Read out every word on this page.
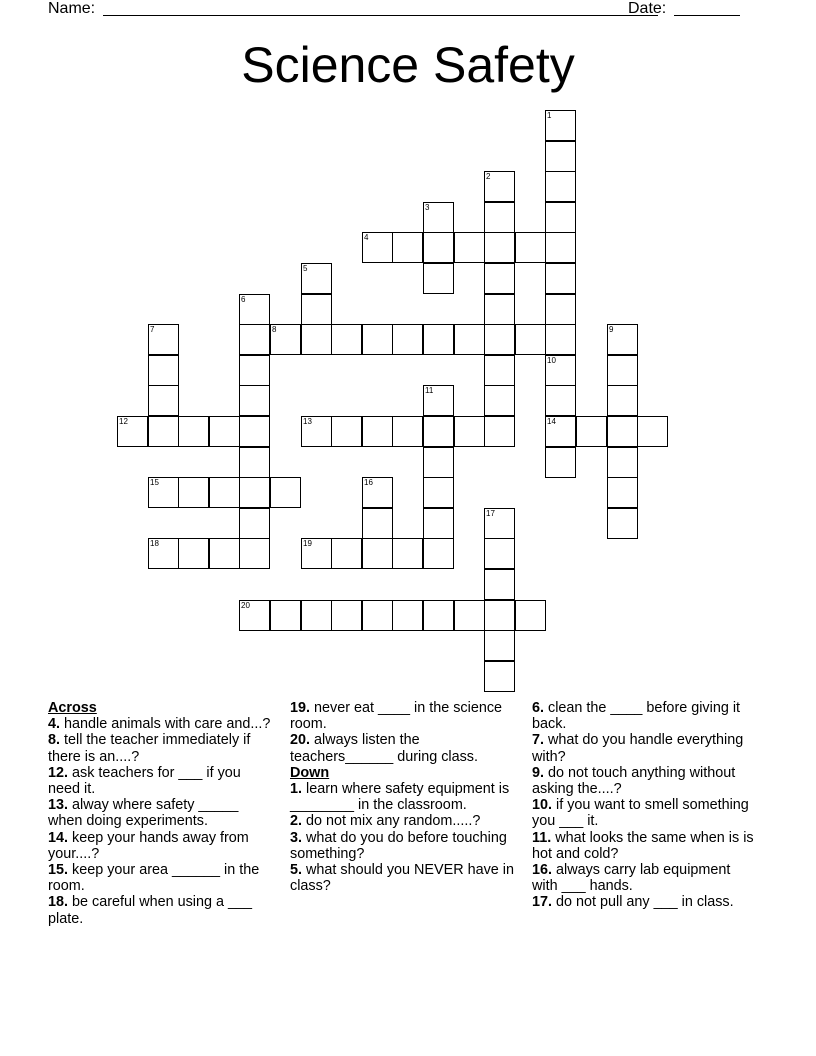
Name:	Date:
Science Safety
1
2
3
4
5
6
7	8	9
10
14
11
12	13
15	16
17
18	19
20
Across
4. handle animals with care and...?
8. tell the teacher immediately if there is an....?
12. ask teachers for ___ if you need it.
13. alway where safety _____ when doing experiments.
14. keep your hands away from your....?
15. keep your area ______ in the room.
18. be careful when using a ___ plate.
19. never eat ____ in the science room.
20. always listen the teachers______ during class.
Down
1. learn where safety equipment is ________ in the classroom.
2. do not mix any random.....?
3. what do you do before touching something?
5. what should you NEVER have in class?
6. clean the ____ before giving it back.
7. what do you handle everything with?
9. do not touch anything without asking the....?
10. if you want to smell something you ___ it.
11. what looks the same when is is hot and cold?
16. always carry lab equipment with ___ hands.
17. do not pull any ___ in class.
